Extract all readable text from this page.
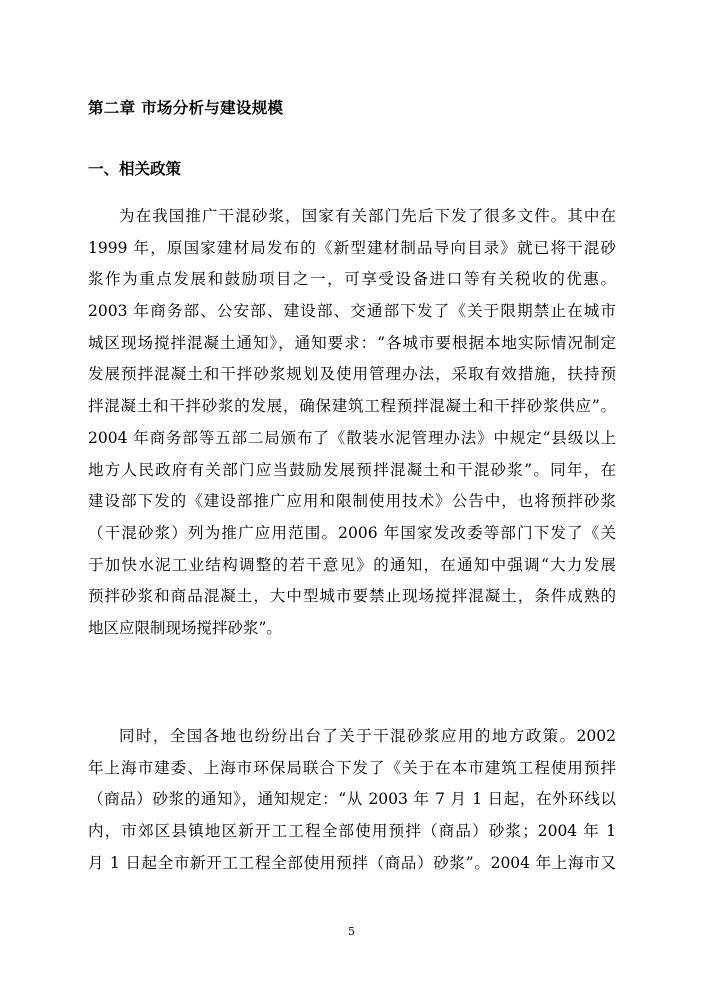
第二章 市场分析与建设规模
一、相关政策
为在我国推广干混砂浆，国家有关部门先后下发了很多文件。其中在
1999 年，原国家建材局发布的《新型建材制品导向目录》就已将干混砂
浆作为重点发展和鼓励项目之一，可享受设备进口等有关税收的优惠。
2003 年商务部、公安部、建设部、交通部下发了《关于限期禁止在城市
城区现场搅拌混凝土通知》，通知要求：“各城市要根据本地实际情况制定
发展预拌混凝土和干拌砂浆规划及使用管理办法，采取有效措施，扶持预
拌混凝土和干拌砂浆的发展，确保建筑工程预拌混凝土和干拌砂浆供应”。
2004 年商务部等五部二局颁布了《散装水泥管理办法》中规定“县级以上
地方人民政府有关部门应当鼓励发展预拌混凝土和干混砂浆”。同年，在
建设部下发的《建设部推广应用和限制使用技术》公告中，也将预拌砂浆
（干混砂浆）列为推广应用范围。2006 年国家发改委等部门下发了《关
于加快水泥工业结构调整的若干意见》的通知，在通知中强调“大力发展
预拌砂浆和商品混凝土，大中型城市要禁止现场搅拌混凝土，条件成熟的
地区应限制现场搅拌砂浆”。
同时，全国各地也纷纷出台了关于干混砂浆应用的地方政策。2002
年上海市建委、上海市环保局联合下发了《关于在本市建筑工程使用预拌
（商品）砂浆的通知》，通知规定：“从 2003 年 7 月 1 日起，在外环线以
内，市郊区县镇地区新开工工程全部使用预拌（商品）砂浆；2004 年 1
月 1 日起全市新开工工程全部使用预拌（商品）砂浆”。2004 年上海市又
5
